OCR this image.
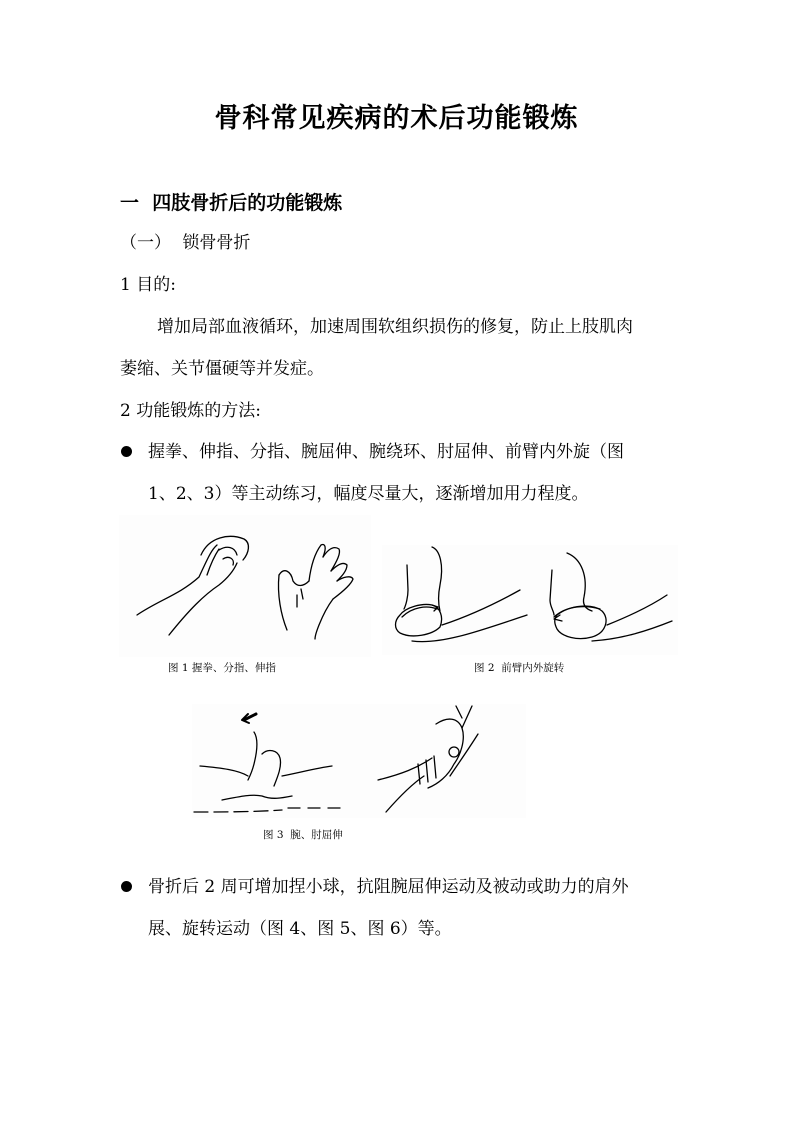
骨科常见疾病的术后功能锻炼
一  四肢骨折后的功能锻炼
（一） 锁骨骨折
1 目的:
增加局部血液循环，加速周围软组织损伤的修复，防止上肢肌肉
萎缩、关节僵硬等并发症。
2 功能锻炼的方法:
握拳、伸指、分指、腕屈伸、腕绕环、肘屈伸、前臂内外旋（图
1、2、3）等主动练习，幅度尽量大，逐渐增加用力程度。
图 1 握拳、分指、伸指	图 2  前臂内外旋转
图 3  腕、肘屈伸
骨折后 2 周可增加捏小球，抗阻腕屈伸运动及被动或助力的肩外
展、旋转运动（图 4、图 5、图 6）等。
